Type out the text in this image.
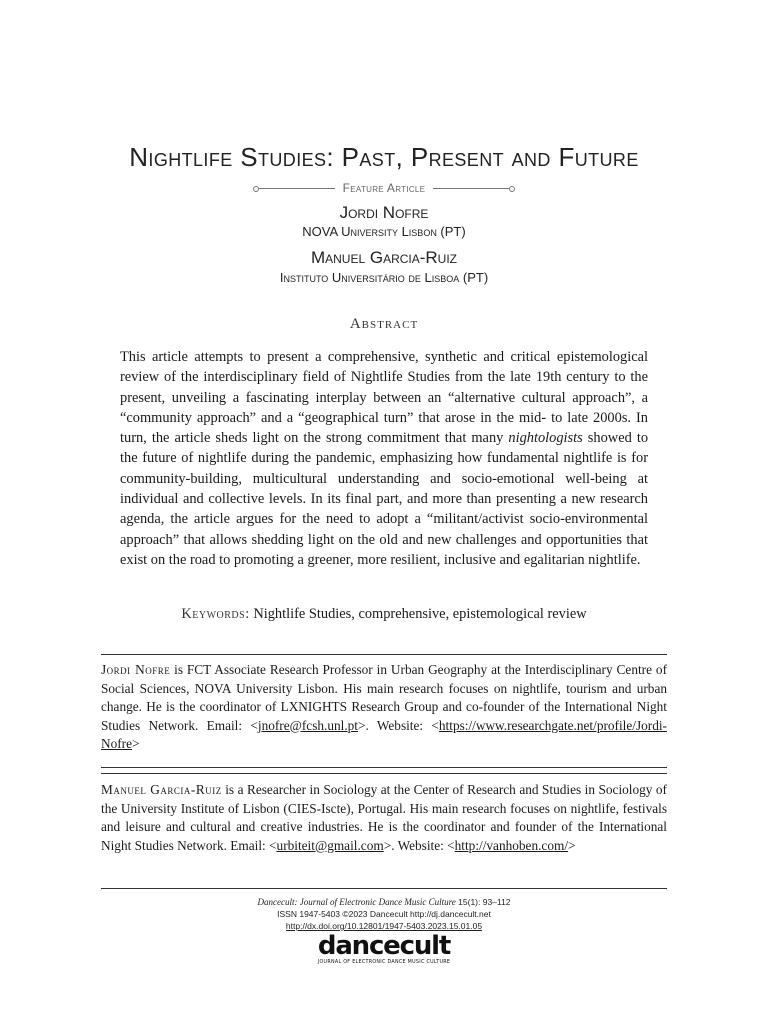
Nightlife Studies: Past, Present and Future
Feature Article
Jordi Nofre
NOVA University Lisbon (PT)
Manuel Garcia-Ruiz
Instituto Universitário de Lisboa (PT)
Abstract
This article attempts to present a comprehensive, synthetic and critical epistemological review of the interdisciplinary field of Nightlife Studies from the late 19th century to the present, unveiling a fascinating interplay between an “alternative cultural approach”, a “community approach” and a “geographical turn” that arose in the mid- to late 2000s. In turn, the article sheds light on the strong commitment that many nightologists showed to the future of nightlife during the pandemic, emphasizing how fundamental nightlife is for community-building, multicultural understanding and socio-emotional well-being at individual and collective levels. In its final part, and more than presenting a new research agenda, the article argues for the need to adopt a “militant/activist socio-environmental approach” that allows shedding light on the old and new challenges and opportunities that exist on the road to promoting a greener, more resilient, inclusive and egalitarian nightlife.
Keywords: Nightlife Studies, comprehensive, epistemological review
Jordi Nofre is FCT Associate Research Professor in Urban Geography at the Interdisciplinary Centre of Social Sciences, NOVA University Lisbon. His main research focuses on nightlife, tourism and urban change. He is the coordinator of LXNIGHTS Research Group and co-founder of the International Night Studies Network. Email: <jnofre@fcsh.unl.pt>. Website: <https://www.researchgate.net/profile/Jordi-Nofre>
Manuel Garcia-Ruiz is a Researcher in Sociology at the Center of Research and Studies in Sociology of the University Institute of Lisbon (CIES-Iscte), Portugal. His main research focuses on nightlife, festivals and leisure and cultural and creative industries. He is the coordinator and founder of the International Night Studies Network. Email: <urbiteit@gmail.com>. Website: <http://vanhoben.com/>
Dancecult: Journal of Electronic Dance Music Culture 15(1): 93–112
ISSN 1947-5403 ©2023 Dancecult http://dj.dancecult.net
http://dx.doi.org/10.12801/1947-5403.2023.15.01.05
dancecult
JOURNAL OF ELECTRONIC DANCE MUSIC CULTURE
